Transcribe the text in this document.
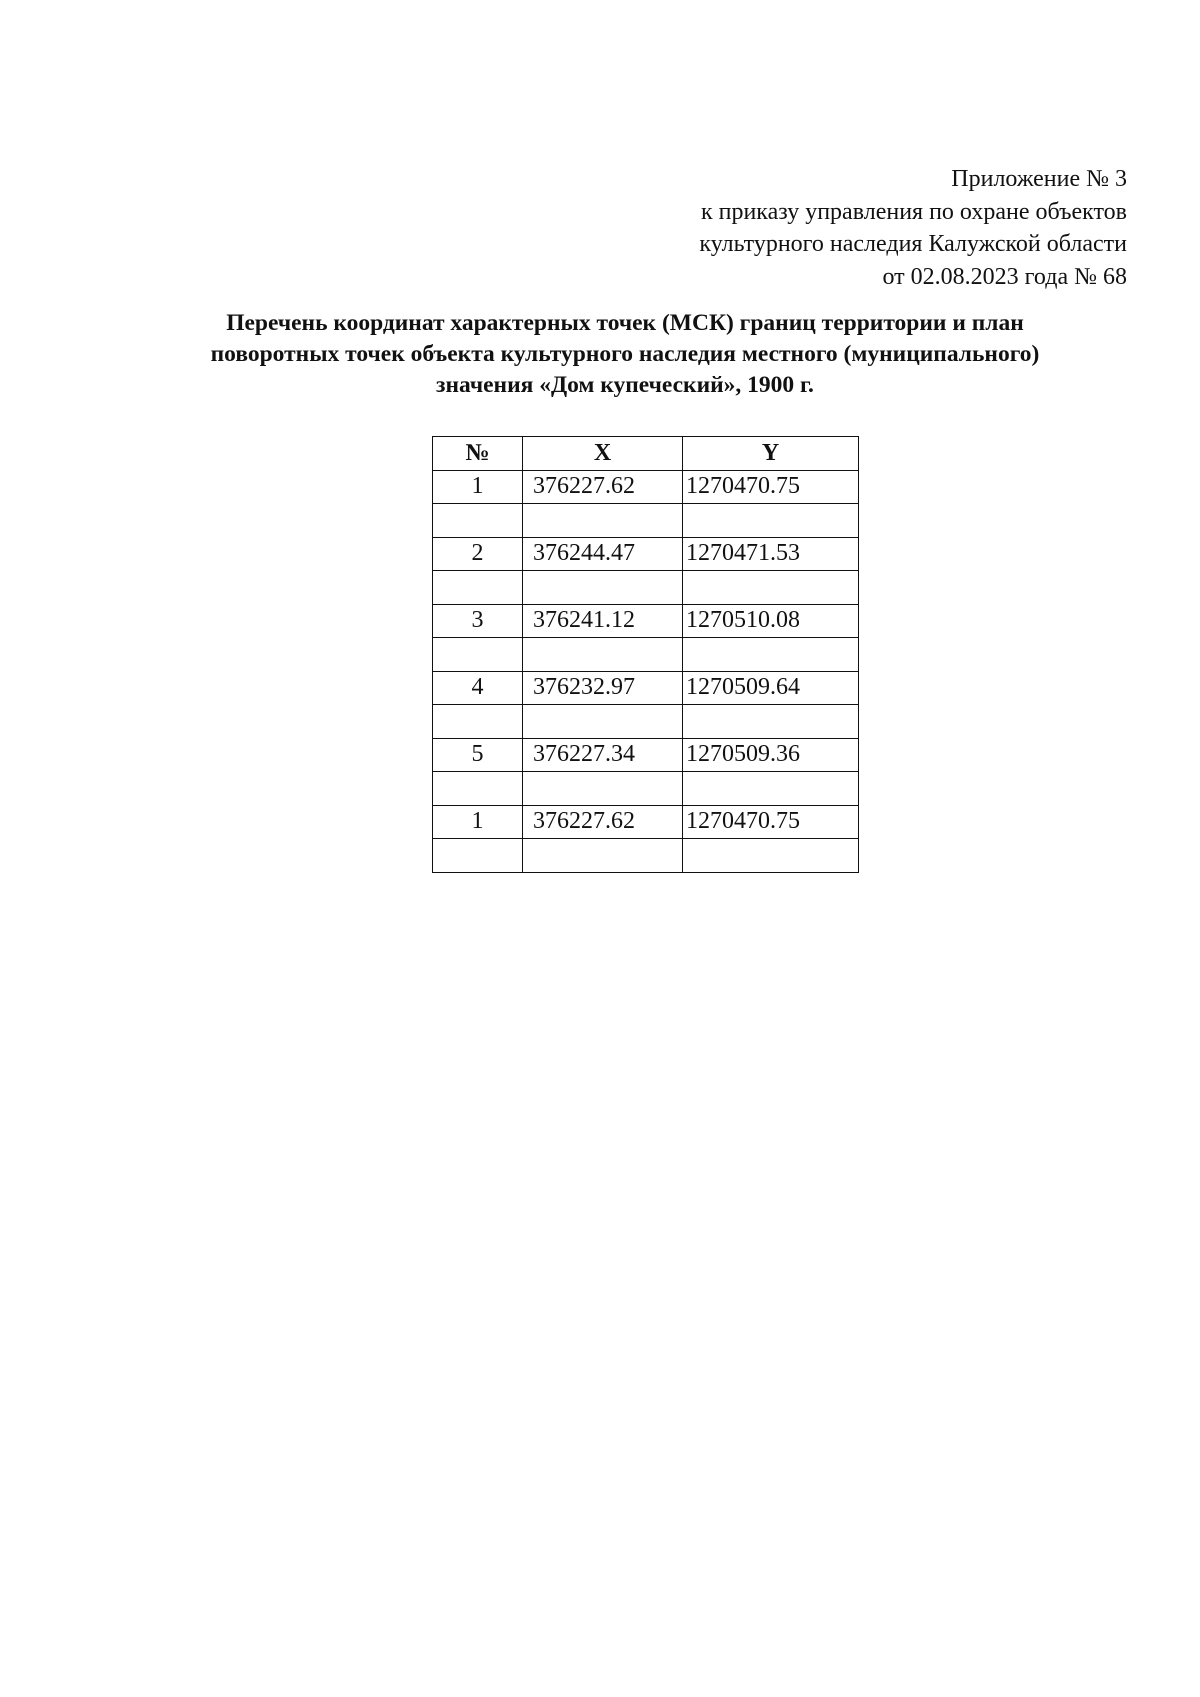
Приложение № 3
к приказу управления по охране объектов
культурного наследия Калужской области
от 02.08.2023 года № 68
Перечень координат характерных точек (МСК) границ территории и план
поворотных точек объекта культурного наследия местного (муниципального)
значения «Дом купеческий», 1900 г.
№	X	Y
1	376227.62	1270470.75

2	376244.47	1270471.53

3	376241.12	1270510.08

4	376232.97	1270509.64

5	376227.34	1270509.36

1	376227.62	1270470.75
